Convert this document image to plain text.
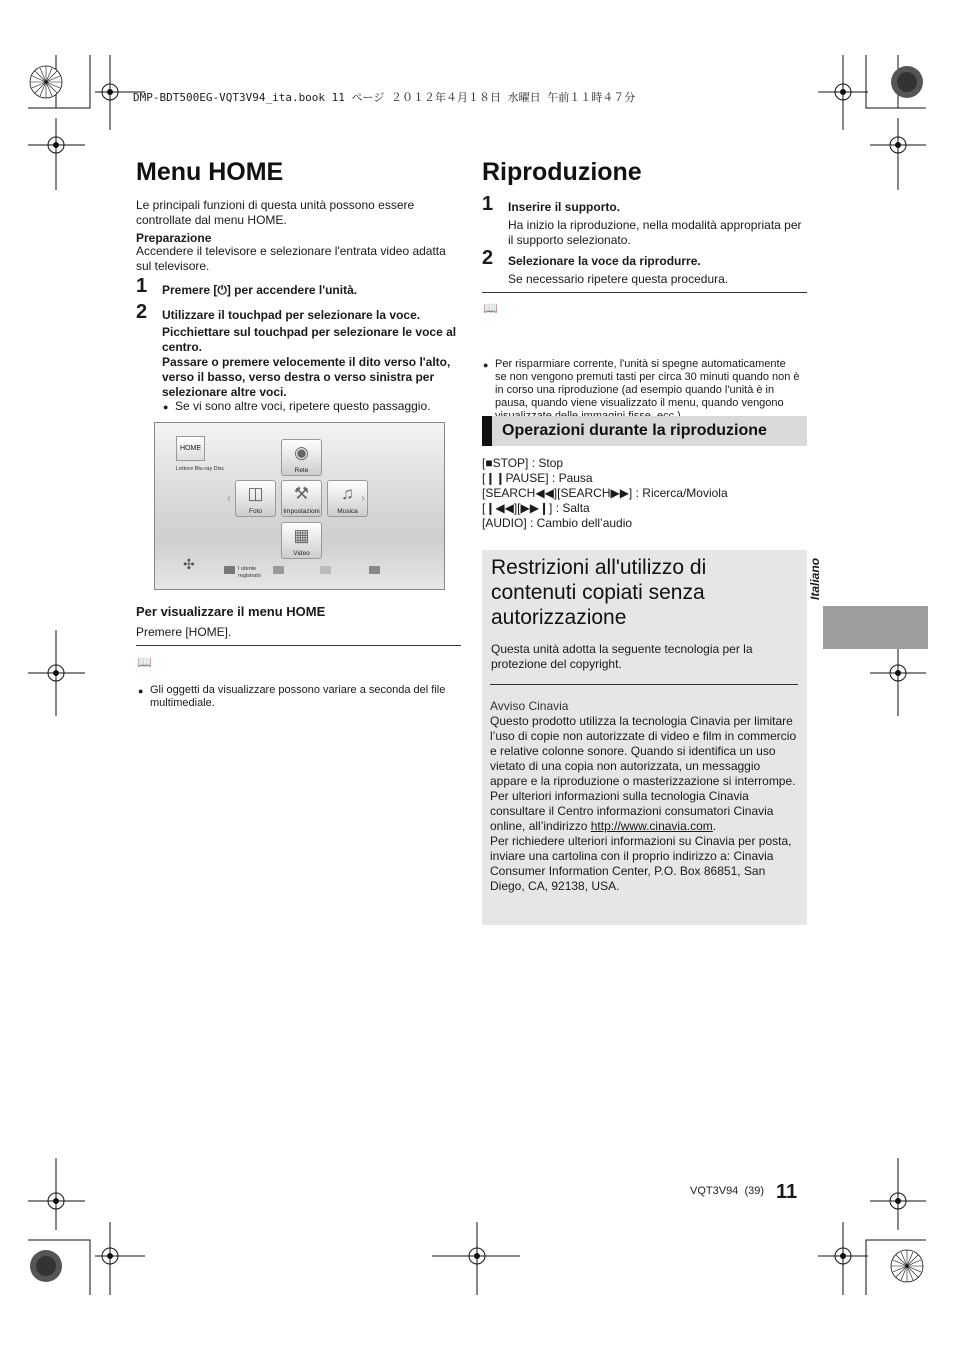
DMP-BDT500EG-VQT3V94_ita.book 11 ページ ２０１２年４月１８日 水曜日 午前１１時４７分
Menu HOME
Le principali funzioni di questa unità possono essere controllate dal menu HOME.
Preparazione
Accendere il televisore e selezionare l'entrata video adatta sul televisore.
1 Premere [⏻] per accendere l'unità.
2 Utilizzare il touchpad per selezionare la voce.
Picchiettare sul touchpad per selezionare le voce al centro.
Passare o premere velocemente il dito verso l'alto, verso il basso, verso destra o verso sinistra per selezionare altre voci.
● Se vi sono altre voci, ripetere questo passaggio.
HOME
Lettore Blu-ray Disc
◉
Rete
◫
Foto
⚒
Impostazioni
♫
Musica
▦
Video
‹	›
✣	I utente
registrato
Per visualizzare il menu HOME
Premere [HOME].
📖
● Gli oggetti da visualizzare possono variare a seconda del file multimediale.
Riproduzione
1 Inserire il supporto.
Ha inizio la riproduzione, nella modalità appropriata per il supporto selezionato.
2 Selezionare la voce da riprodurre.
Se necessario ripetere questa procedura.
📖
● Per risparmiare corrente, l'unità si spegne automaticamente se non vengono premuti tasti per circa 30 minuti quando non è in corso una riproduzione (ad esempio quando l'unità è in pausa, quando viene visualizzato il menu, quando vengono
Operazioni durante la riproduzione
[■STOP] : Stop
[❙❙PAUSE] : Pausa
[SEARCH◀◀][SEARCH▶▶] : Ricerca/Moviola
[❙◀◀][▶▶❙] : Salta
[AUDIO] : Cambio dell’audio
Restrizioni all'utilizzo di contenuti copiati senza autorizzazione
Questa unità adotta la seguente tecnologia per la protezione del copyright.
Avviso Cinavia
Questo prodotto utilizza la tecnologia Cinavia per limitare l’uso di copie non autorizzate di video e film in commercio e relative colonne sonore. Quando si identifica un uso vietato di una copia non autorizzata, un messaggio appare e la riproduzione o masterizzazione si interrompe.
Per ulteriori informazioni sulla tecnologia Cinavia consultare il Centro informazioni consumatori Cinavia online, all’indirizzo http://www.cinavia.com.
Per richiedere ulteriori informazioni su Cinavia per posta, inviare una cartolina con il proprio indirizzo a: Cinavia Consumer Information Center, P.O. Box 86851, San Diego, CA, 92138, USA.
Italiano
VQT3V94 (39) 11
